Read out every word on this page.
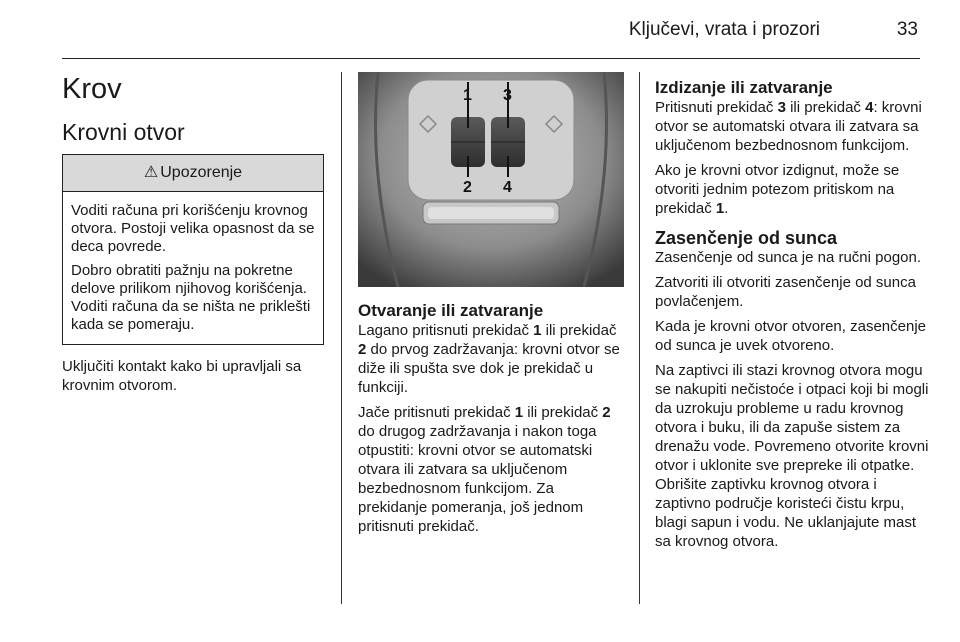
Ključevi, vrata i prozori	33
Krov
Krovni otvor
⚠ Upozorenje

Voditi računa pri korišćenju krovnog otvora. Postoji velika opasnost da se deca povrede.

Dobro obratiti pažnju na pokretne delove prilikom njihovog korišćenja. Voditi računa da se ništa ne priklešti kada se pomeraju.

Uključiti kontakt kako bi upravljali sa krovnim otvorom.

1 3
2 4
Otvaranje ili zatvaranje

Lagano pritisnuti prekidač 1 ili prekidač 2 do prvog zadržavanja: krovni otvor se diže ili spušta sve dok je prekidač u funkciji.

Jače pritisnuti prekidač 1 ili prekidač 2 do drugog zadržavanja i nakon toga otpustiti: krovni otvor se automatski otvara ili zatvara sa uključenom bezbednosnom funkcijom. Za prekidanje pomeranja, još jednom pritisnuti prekidač.

Izdizanje ili zatvaranje

Pritisnuti prekidač 3 ili prekidač 4: krovni otvor se automatski otvara ili zatvara sa uključenom bezbednosnom funkcijom.

Ako je krovni otvor izdignut, može se otvoriti jednim potezom pritiskom na prekidač 1.

Zasenčenje od sunca

Zasenčenje od sunca je na ručni pogon.

Zatvoriti ili otvoriti zasenčenje od sunca povlačenjem.

Kada je krovni otvor otvoren, zasenčenje od sunca je uvek otvoreno.

Na zaptivci ili stazi krovnog otvora mogu se nakupiti nečistoće i otpaci koji bi mogli da uzrokuju probleme u radu krovnog otvora i buku, ili da zapuše sistem za drenažu vode. Povremeno otvorite krovni otvor i uklonite sve prepreke ili otpatke. Obrišite zaptivku krovnog otvora i zaptivno područje koristeći čistu krpu, blagi sapun i vodu. Ne uklanjajute mast sa krovnog otvora.
